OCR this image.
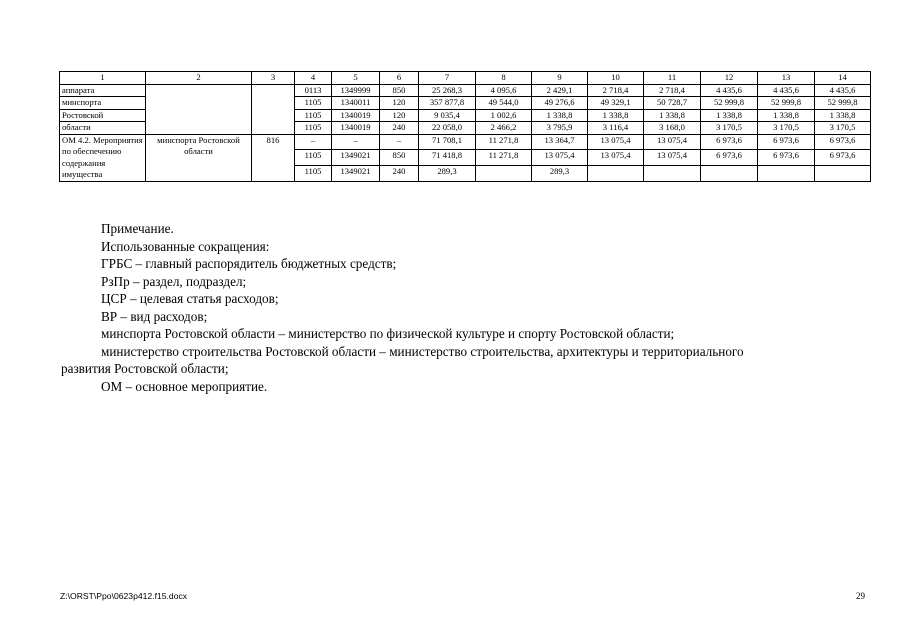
1	2	3	4	5	6	7	8	9	10	11	12	13	14
аппарата			0113	1349999	850	25 268,3	4 095,6	2 429,1	2 718,4	2 718,4	4 435,6	4 435,6	4 435,6
минспорта			1105	1340011	120	357 877,8	49 544,0	49 276,6	49 329,1	50 728,7	52 999,8	52 999,8	52 999,8
Ростовской			1105	1340019	120	9 035,4	1 002,6	1 338,8	1 338,8	1 338,8	1 338,8	1 338,8	1 338,8
области			1105	1340019	240	22 058,0	2 466,2	3 795,9	3 116,4	3 168,0	3 170,5	3 170,5	3 170,5
ОМ 4.2. Мероприятия по обеспечению содержания имущества	минспорта Ростовской области	816	–	–	–	71 708,1	11 271,8	13 364,7	13 075,4	13 075,4	6 973,6	6 973,6	6 973,6
			1105	1349021	850	71 418,8	11 271,8	13 075,4	13 075,4	13 075,4	6 973,6	6 973,6	6 973,6
			1105	1349021	240	289,3		289,3					

Примечание.

Использованные сокращения:

ГРБС – главный распорядитель бюджетных средств;

РзПр – раздел, подраздел;

ЦСР – целевая статья расходов;

ВР – вид расходов;

минспорта Ростовской области – министерство по физической культуре и спорту Ростовской области;

министерство строительства Ростовской области – министерство строительства, архитектуры и территориального

развития Ростовской области;

ОМ – основное мероприятие.

Z:\ORST\Ppo\0623p412.f15.docx	29
